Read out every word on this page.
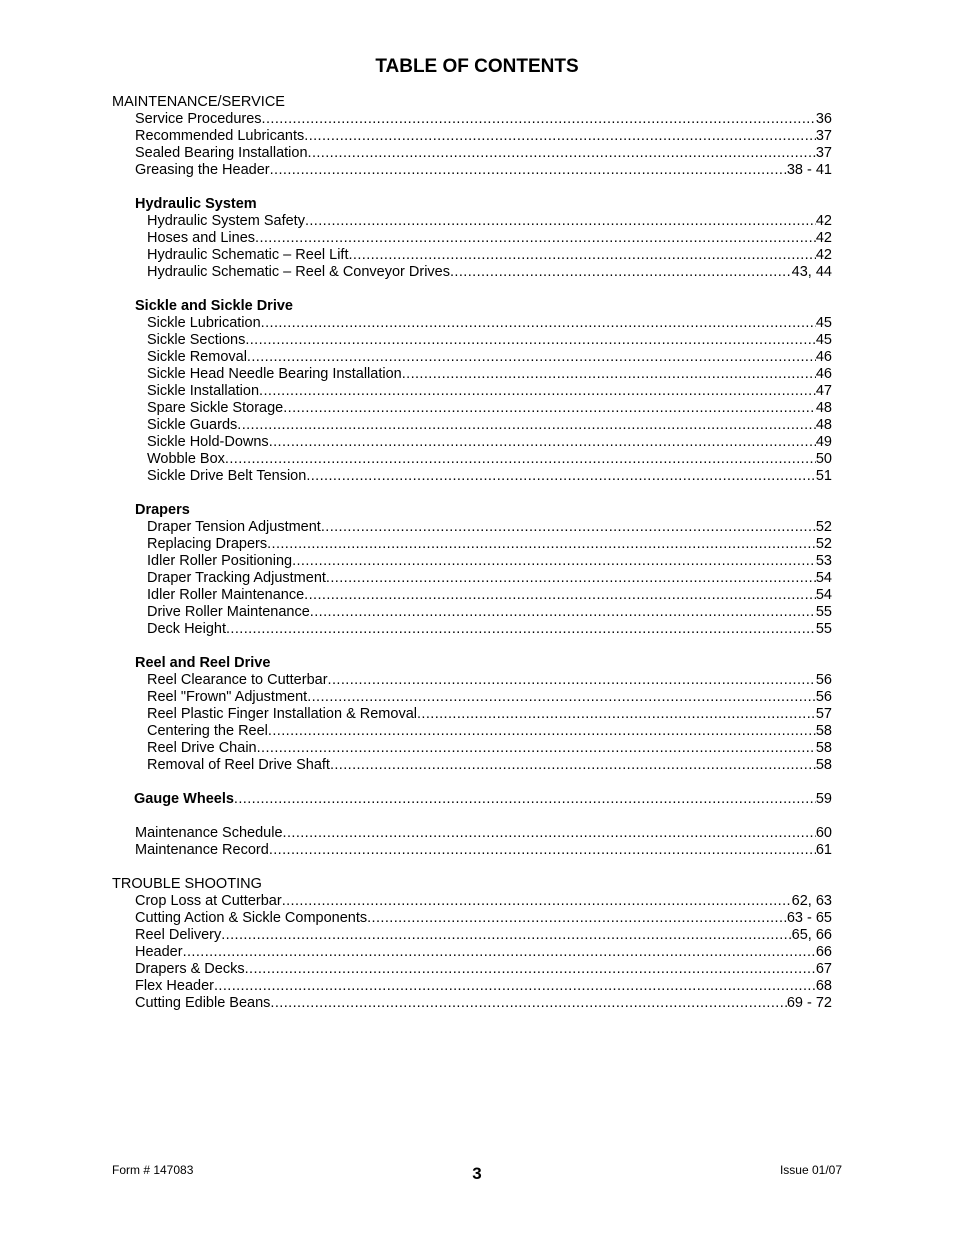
TABLE OF CONTENTS
MAINTENANCE/SERVICE
Service Procedures .....	36
Recommended Lubricants .....	37
Sealed Bearing Installation .....	37
Greasing the Header .....	38 - 41
Hydraulic System
Hydraulic System Safety .....	42
Hoses and Lines .....	42
Hydraulic Schematic – Reel Lift .....	42
Hydraulic Schematic – Reel & Conveyor Drives .....	43, 44
Sickle and Sickle Drive
Sickle Lubrication .....	45
Sickle Sections .....	45
Sickle Removal .....	46
Sickle Head Needle Bearing Installation .....	46
Sickle Installation .....	47
Spare Sickle Storage .....	48
Sickle Guards .....	48
Sickle Hold-Downs .....	49
Wobble Box .....	50
Sickle Drive Belt Tension .....	51
Drapers
Draper Tension Adjustment .....	52
Replacing Drapers .....	52
Idler Roller Positioning .....	53
Draper Tracking Adjustment .....	54
Idler Roller Maintenance .....	54
Drive Roller Maintenance .....	55
Deck Height .....	55
Reel and Reel Drive
Reel Clearance to Cutterbar .....	56
Reel "Frown" Adjustment .....	56
Reel Plastic Finger Installation & Removal .....	57
Centering the Reel .....	58
Reel Drive Chain .....	58
Removal of Reel Drive Shaft .....	58
Gauge Wheels .....	59
Maintenance Schedule .....	60
Maintenance Record .....	61
TROUBLE SHOOTING
Crop Loss at Cutterbar .....	62, 63
Cutting Action & Sickle Components .....	63 - 65
Reel Delivery .....	65, 66
Header .....	66
Drapers & Decks .....	67
Flex Header .....	68
Cutting Edible Beans .....	69 - 72
Form # 147083	3	Issue 01/07
